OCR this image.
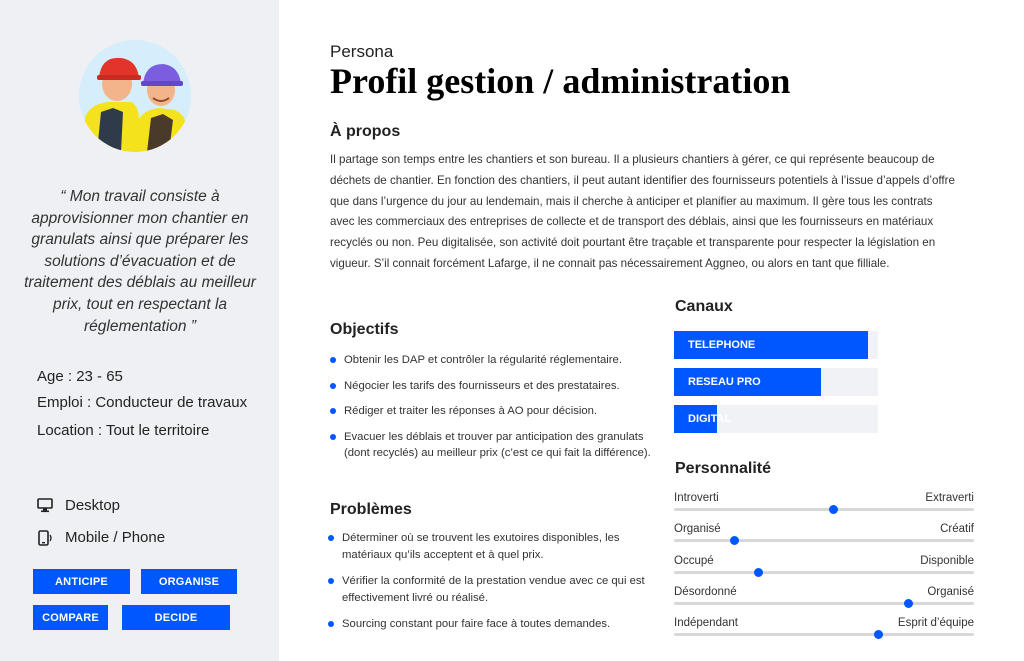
“ Mon travail consiste à approvisionner mon chantier en granulats ainsi que préparer les solutions d’évacuation et de traitement des déblais au meilleur prix, tout en respectant la réglementation ”
Age : 23 - 65
Emploi : Conducteur de travaux
Location : Tout le territoire
Desktop
Mobile / Phone
ANTICIPE	ORGANISE
COMPARE	DECIDE
Persona
Profil gestion / administration
À propos
Il partage son temps entre les chantiers et son bureau. Il a plusieurs chantiers à gérer, ce qui représente beaucoup de déchets de chantier. En fonction des chantiers, il peut autant identifier des fournisseurs potentiels à l’issue d’appels d’offre que dans l’urgence du jour au lendemain, mais il cherche à anticiper et planifier au maximum. Il gère tous les contrats avec les commerciaux des entreprises de collecte et de transport des déblais, ainsi que les fournisseurs en matériaux recyclés ou non. Peu digitalisée, son activité doit pourtant être traçable et transparente pour respecter la législation en vigueur. S’il connait forcément Lafarge, il ne connait pas nécessairement Aggneo, ou alors en tant que filliale.
Objectifs
Obtenir les DAP et contrôler la régularité réglementaire.
Négocier les tarifs des fournisseurs et des prestataires.
Rédiger et traiter les réponses à AO pour décision.
Evacuer les déblais et trouver par anticipation des granulats (dont recyclés) au meilleur prix (c’est ce qui fait la différence).
Problèmes
Déterminer où se trouvent les exutoires disponibles, les matériaux qu’ils acceptent et à quel prix.
Vérifier la conformité de la prestation vendue avec ce qui est effectivement livré ou réalisé.
Sourcing constant pour faire face à toutes demandes.
Canaux
TELEPHONE
RESEAU PRO
DIGITAL
Personnalité
Introverti	Extraverti
Organisé	Créatif
Occupé	Disponible
Désordonné	Organisé
Indépendant	Esprit d’équipe
